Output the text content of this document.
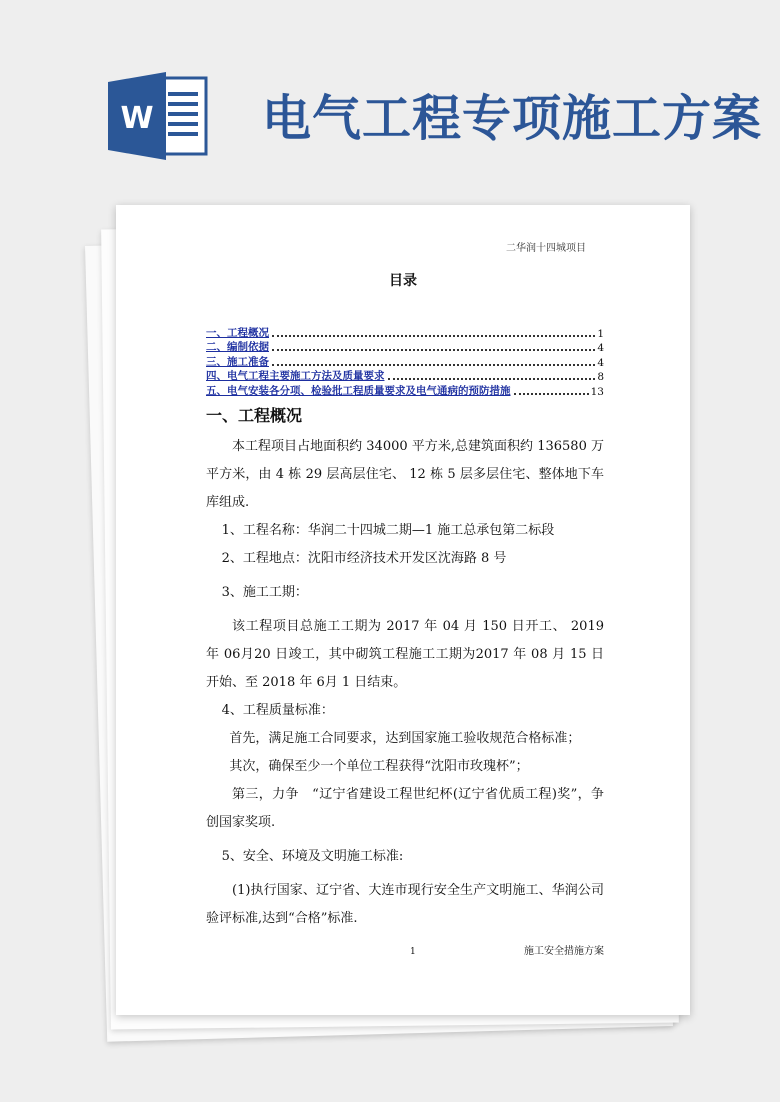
W 电气工程专项施工方案
二华润十四城项目
目录
一、工程概况	1
二、编制依据	4
三、施工准备	4
四、电气工程主要施工方法及质量要求	8
五、电气安装各分项、检验批工程质量要求及电气通病的预防措施	13
一、工程概况

本工程项目占地面积约 34000 平方米,总建筑面积约 136580 万平方米，由 4 栋 29 层高层住宅、 12 栋 5 层多层住宅、整体地下车库组成.

1、工程名称：华润二十四城二期—1 施工总承包第二标段

2、工程地点：沈阳市经济技术开发区沈海路 8 号

3、施工工期：

该工程项目总施工工期为 2017 年 04 月 150 日开工、 2019 年 06月20 日竣工，其中砌筑工程施工工期为2017 年 08 月 15 日开始、至 2018 年 6月 1 日结束。

4、工程质量标准：

首先，满足施工合同要求，达到国家施工验收规范合格标准；

其次，确保至少一个单位工程获得“沈阳市玫瑰杯”；

第三，力争　“辽宁省建设工程世纪杯(辽宁省优质工程)奖”，争创国家奖项.

5、安全、环境及文明施工标准:

(1)执行国家、辽宁省、大连市现行安全生产文明施工、华润公司验评标准,达到“合格”标准.

1	施工安全措施方案
